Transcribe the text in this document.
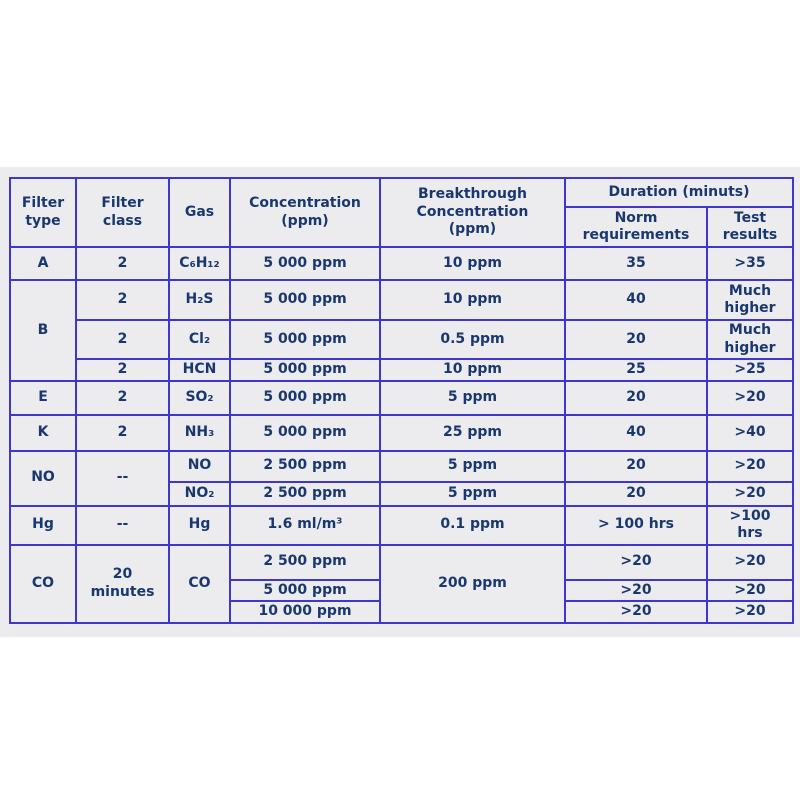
Filter type	Filter class	Gas	Concentration (ppm)	Breakthrough Concentration (ppm)	Duration (minuts)	
					Norm requirements	Test results
A	2	C₆H₁₂	5 000 ppm	10 ppm	35	>35
B	2	H₂S	5 000 ppm	10 ppm	40	Much higher
	2	Cl₂	5 000 ppm	0.5 ppm	20	Much higher
	2	HCN	5 000 ppm	10 ppm	25	>25
E	2	SO₂	5 000 ppm	5 ppm	20	>20
K	2	NH₃	5 000 ppm	25 ppm	40	>40
NO	--	NO	2 500 ppm	5 ppm	20	>20
		NO₂	2 500 ppm	5 ppm	20	>20
Hg	--	Hg	1.6 ml/m³	0.1 ppm	> 100 hrs	>100 hrs
CO	20 minutes	CO	2 500 ppm	200 ppm	>20	>20
			5 000 ppm		>20	>20
			10 000 ppm		>20	>20
